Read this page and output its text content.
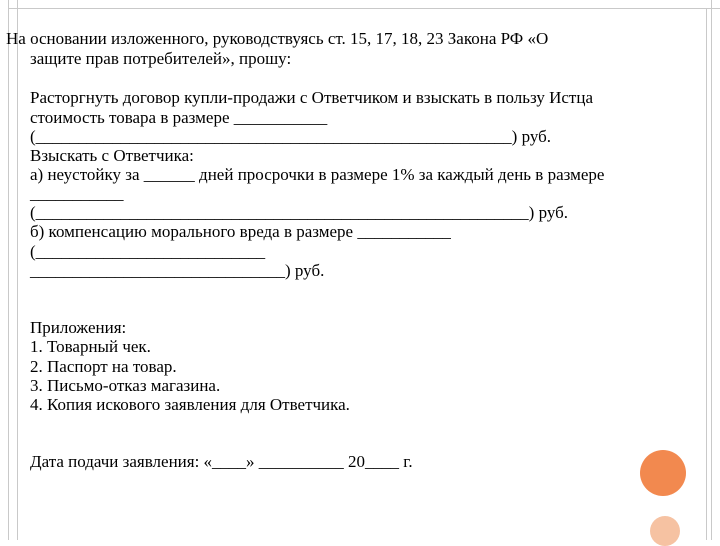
На основании изложенного, руководствуясь ст. 15, 17, 18, 23 Закона РФ «О
защите прав потребителей», прошу:
Расторгнуть договор купли-продажи с Ответчиком и взыскать в пользу Истца
стоимость товара в размере ___________
(________________________________________________________) руб.
Взыскать с Ответчика:
а) неустойку за ______ дней просрочки в размере 1% за каждый день в размере
___________
(__________________________________________________________) руб.
б) компенсацию морального вреда в размере ___________
(___________________________
______________________________) руб.
Приложения:
1. Товарный чек.
2. Паспорт на товар.
3. Письмо-отказ магазина.
4. Копия искового заявления для Ответчика.
Дата подачи заявления: «____» __________ 20____ г.
